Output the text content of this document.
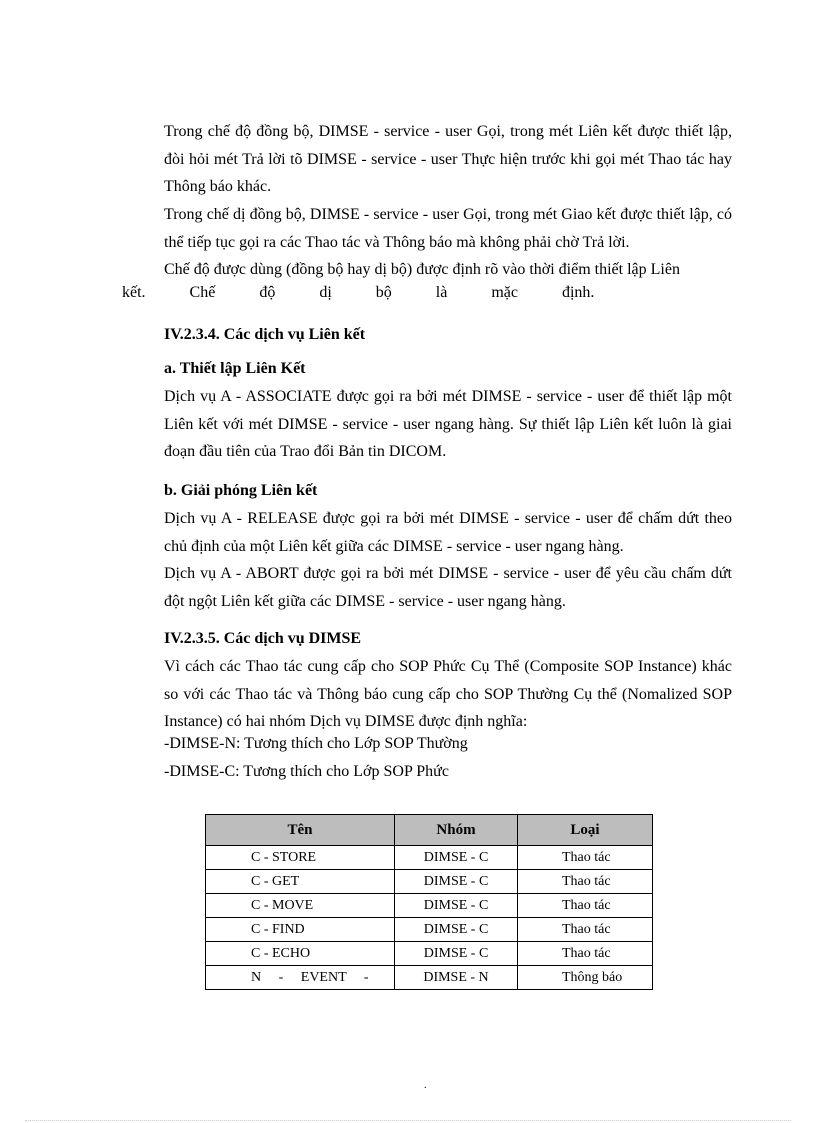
Trong chế độ đồng bộ, DIMSE - service - user Gọi, trong mét Liên kết được thiết lập, đòi hỏi mét Trả lời tõ DIMSE - service - user Thực hiện trước khi gọi mét Thao tác hay Thông báo khác.

Trong chế dị đồng bộ, DIMSE - service - user Gọi, trong mét Giao kết được thiết lập, có thể tiếp tục gọi ra các Thao tác và Thông báo mà không phải chờ Trả lời.

Chế độ được dùng (đồng bộ hay dị bộ) được định rõ vào thời điểm thiết lập Liên

kết.           Chế           độ           dị           bộ           là           mặc           định.

IV.2.3.4. Các dịch vụ Liên kết

a. Thiết lập Liên Kết

Dịch vụ A - ASSOCIATE được gọi ra bởi mét DIMSE - service - user để thiết lập một Liên kết với mét DIMSE - service - user ngang hàng. Sự thiết lập Liên kết luôn là giai đoạn đầu tiên của Trao đổi Bản tin DICOM.

b. Giải phóng Liên kết

Dịch vụ A - RELEASE được gọi ra bởi mét DIMSE - service - user để chấm dứt theo chủ định của một Liên kết giữa các DIMSE - service - user ngang hàng.

Dịch vụ A - ABORT được gọi ra bởi mét DIMSE - service - user để yêu cầu chấm dứt đột ngột Liên kết giữa các DIMSE - service - user ngang hàng.

IV.2.3.5. Các dịch vụ DIMSE

Vì cách các Thao tác cung cấp cho SOP Phức Cụ Thể (Composite SOP Instance) khác so với các Thao tác và Thông báo cung cấp cho SOP Thường Cụ thể (Nomalized SOP Instance) có hai nhóm Dịch vụ DIMSE được định nghĩa:

-DIMSE-N: Tương thích cho Lớp SOP Thường

-DIMSE-C: Tương thích cho Lớp SOP Phức

Tên	Nhóm	Loại
C - STORE	DIMSE - C	Thao tác
C - GET	DIMSE - C	Thao tác
C - MOVE	DIMSE - C	Thao tác
C - FIND	DIMSE - C	Thao tác
C - ECHO	DIMSE - C	Thao tác
N     -     EVENT     -	DIMSE - N	Thông báo
.
